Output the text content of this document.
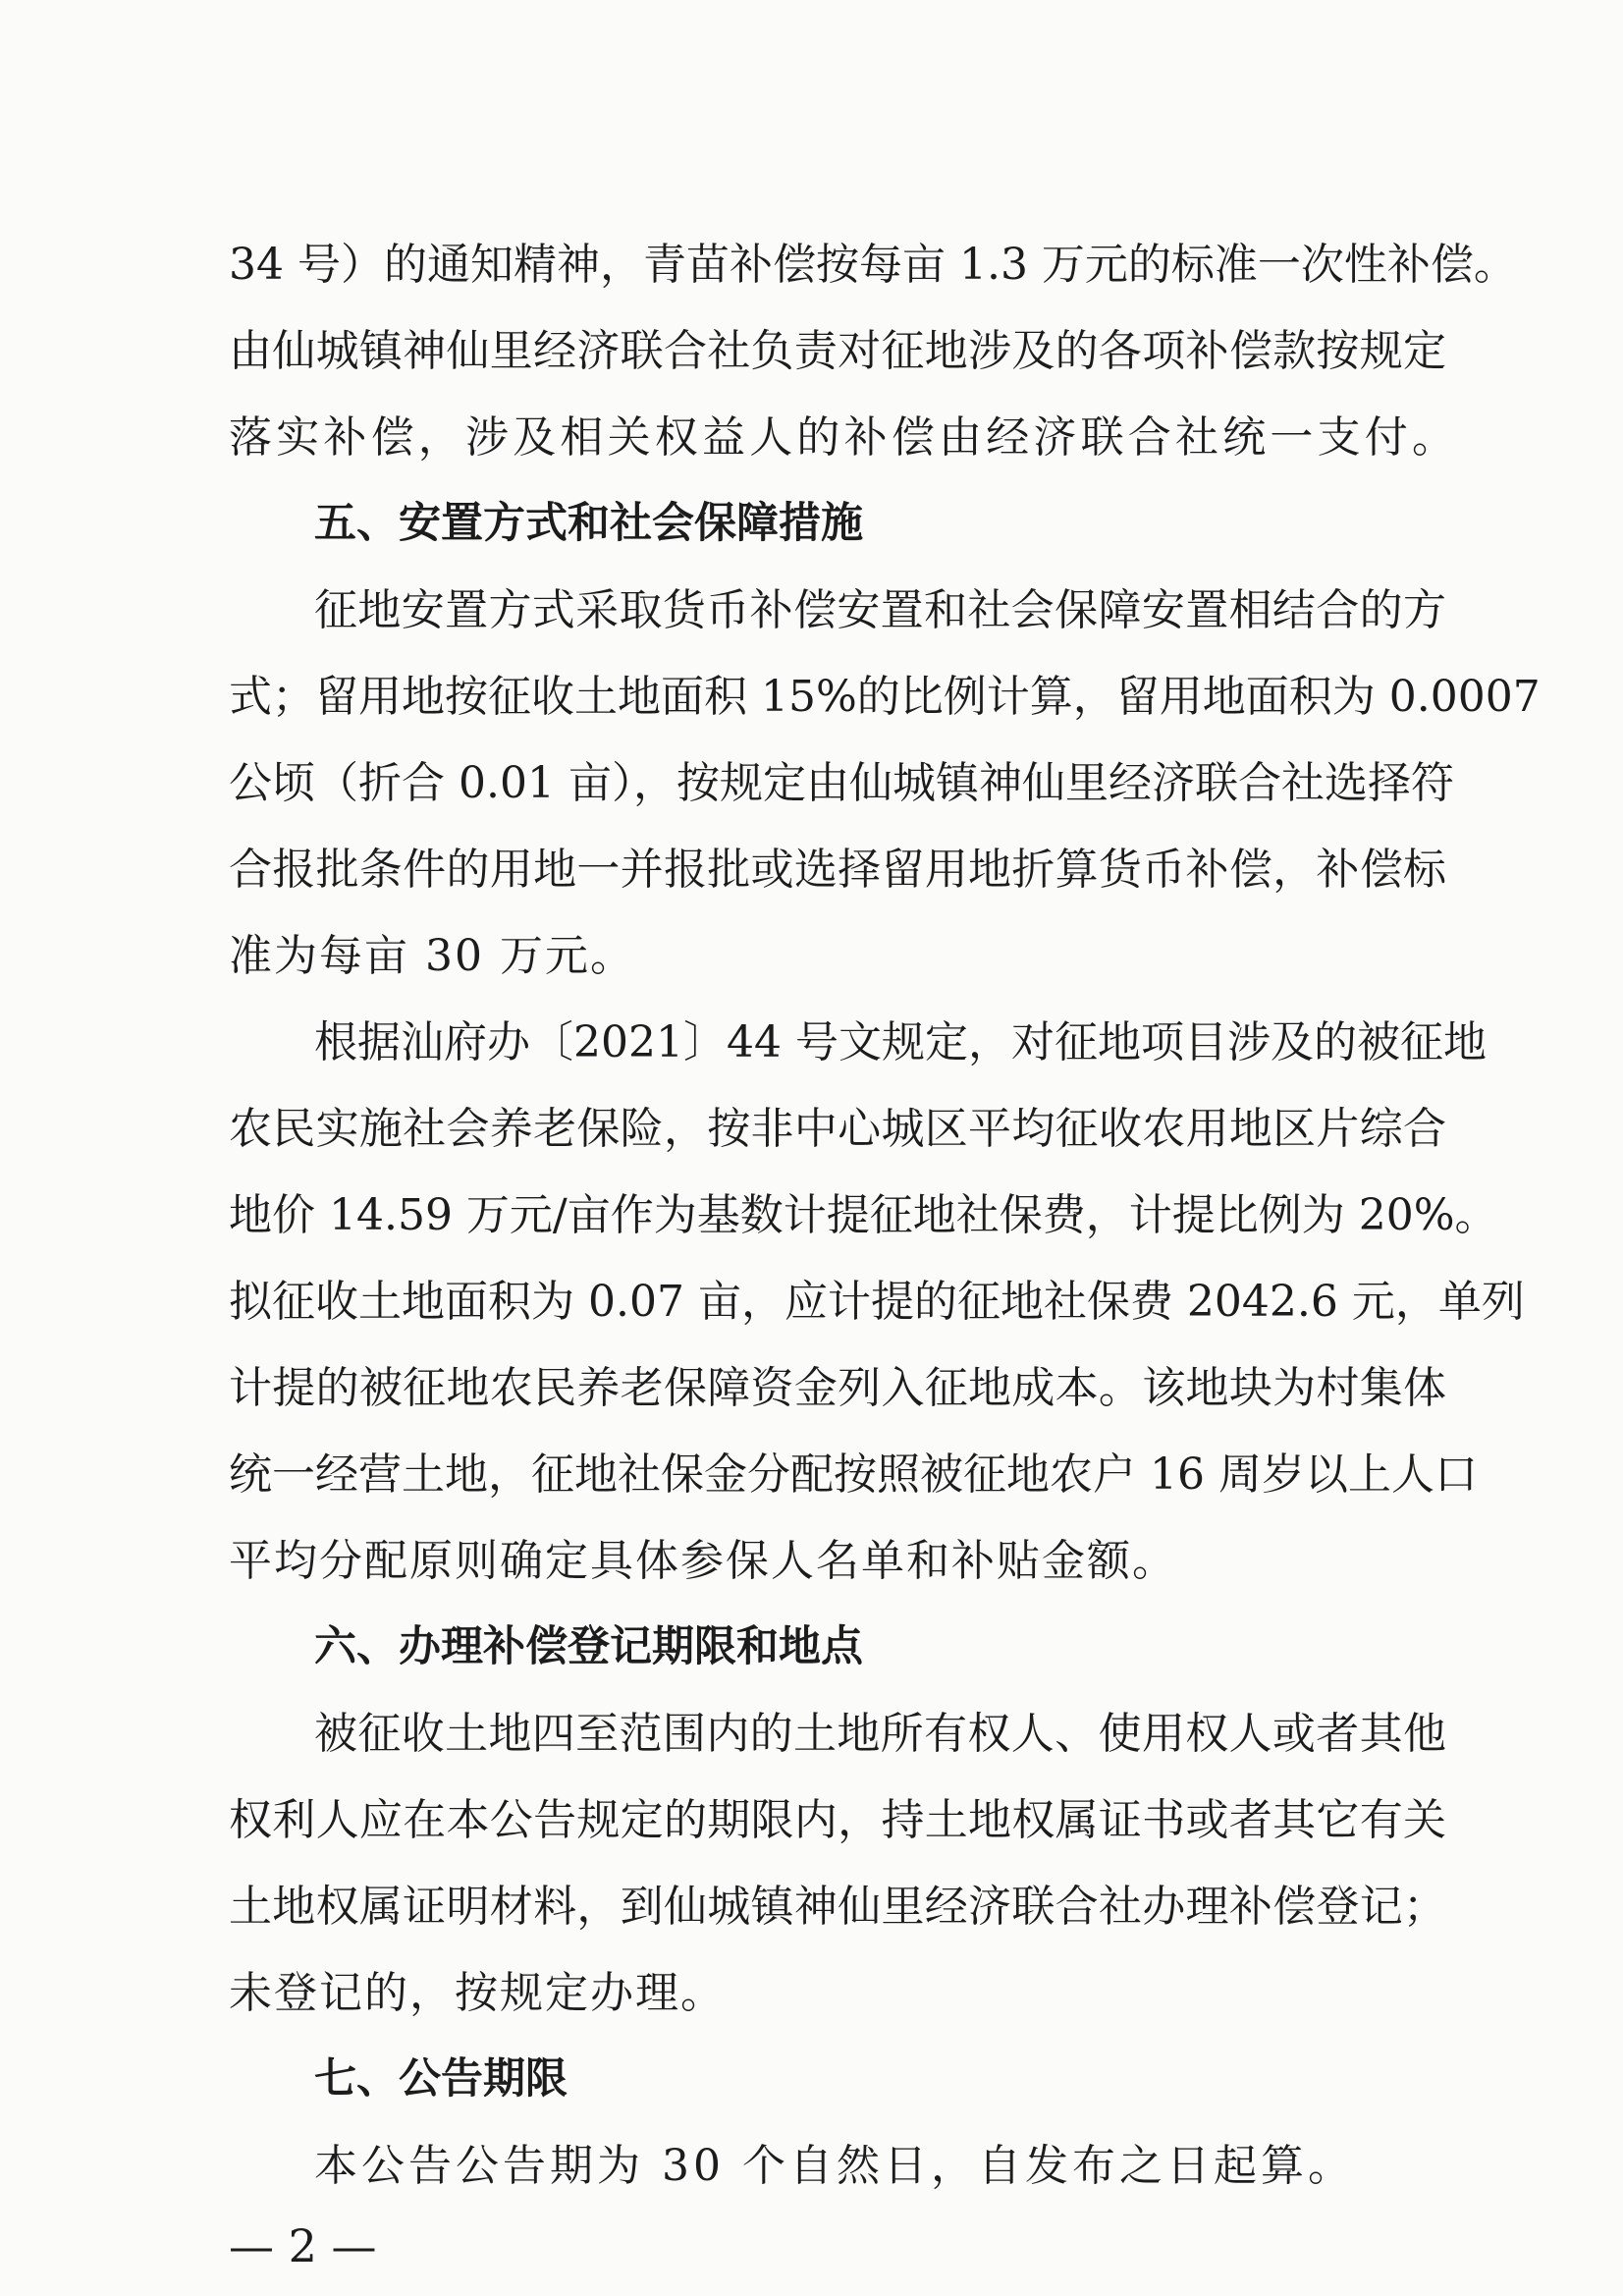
34 号）的通知精神，青苗补偿按每亩 1.3 万元的标准一次性补偿。
由仙城镇神仙里经济联合社负责对征地涉及的各项补偿款按规定
落实补偿，涉及相关权益人的补偿由经济联合社统一支付。
五、安置方式和社会保障措施
征地安置方式采取货币补偿安置和社会保障安置相结合的方
式；留用地按征收土地面积 15%的比例计算，留用地面积为 0.0007
公顷（折合 0.01 亩），按规定由仙城镇神仙里经济联合社选择符
合报批条件的用地一并报批或选择留用地折算货币补偿，补偿标
准为每亩 30 万元。
根据汕府办〔2021〕44 号文规定，对征地项目涉及的被征地
农民实施社会养老保险，按非中心城区平均征收农用地区片综合
地价 14.59 万元/亩作为基数计提征地社保费，计提比例为 20%。
拟征收土地面积为 0.07 亩，应计提的征地社保费 2042.6 元，单列
计提的被征地农民养老保障资金列入征地成本。该地块为村集体
统一经营土地，征地社保金分配按照被征地农户 16 周岁以上人口
平均分配原则确定具体参保人名单和补贴金额。
六、办理补偿登记期限和地点
被征收土地四至范围内的土地所有权人、使用权人或者其他
权利人应在本公告规定的期限内，持土地权属证书或者其它有关
土地权属证明材料，到仙城镇神仙里经济联合社办理补偿登记；
未登记的，按规定办理。
七、公告期限
— 2 —
本公告公告期为 30 个自然日，自发布之日起算。
